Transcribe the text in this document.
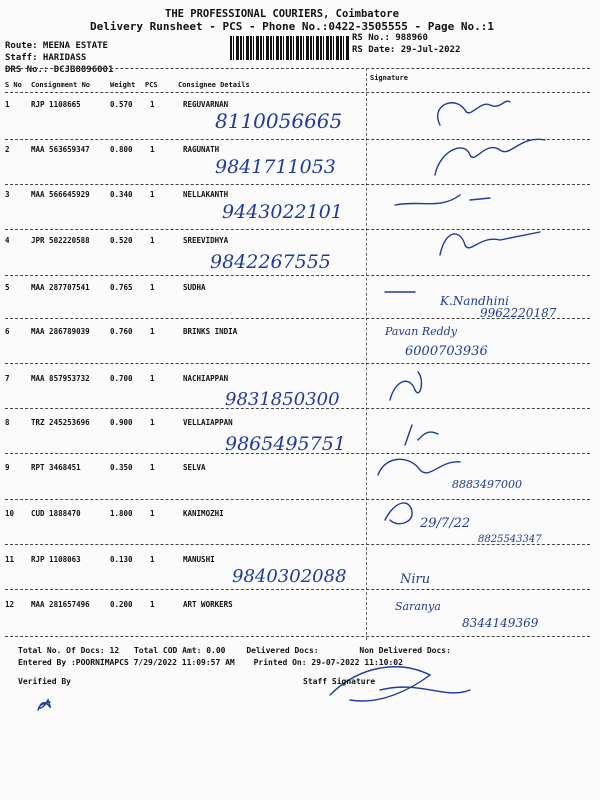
THE PROFESSIONAL COURIERS, Coimbatore
Delivery Runsheet - PCS - Phone No.:0422-3505555 - Page No.:1
Route: MEENA ESTATE
Staff: HARIDASS
DRS No.: DCJB8896001
RS No.: 988960
RS Date: 29-Jul-2022
S No Consignment No	Weight PCS	Consignee Details
Signature
1	RJP 1108665	0.570 1	REGUVARNAN
2	MAA 563659347	0.800 1	RAGUNATH
3	MAA 566645929	0.340 1	NELLAKANTH
4	JPR 502220588	0.520 1	SREEVIDHYA
5	MAA 287707541	0.765 1	SUDHA
6	MAA 286789039	0.760 1	BRINKS INDIA
7	MAA 857953732	0.700 1	NACHIAPPAN
8	TRZ 245253696	0.900 1	VELLAIAPPAN
9	RPT 3468451	0.350 1	SELVA
10 CUD 1888470	1.800 1	KANIMOZHI
11 RJP 1108063	0.130 1	MANUSHI
12 MAA 281657496	0.200 1	ART WORKERS
8110056665
9841711053
9443022101
9842267555
9962220187
6000703936
9831850300
9865495751
8883497000
8825543347
9840302088
8344149369
29/7/22
K.Nandhini
Pavan Reddy
Niru
Saranya
Total No. Of Docs: 12 Total COD Amt: 0.00	Delivered Docs:	Non Delivered Docs:
Entered By :POORNIMAPCS 7/29/2022 11:09:57 AM Printed On: 29-07-2022 11:10:02
Verified By	Staff Signature
